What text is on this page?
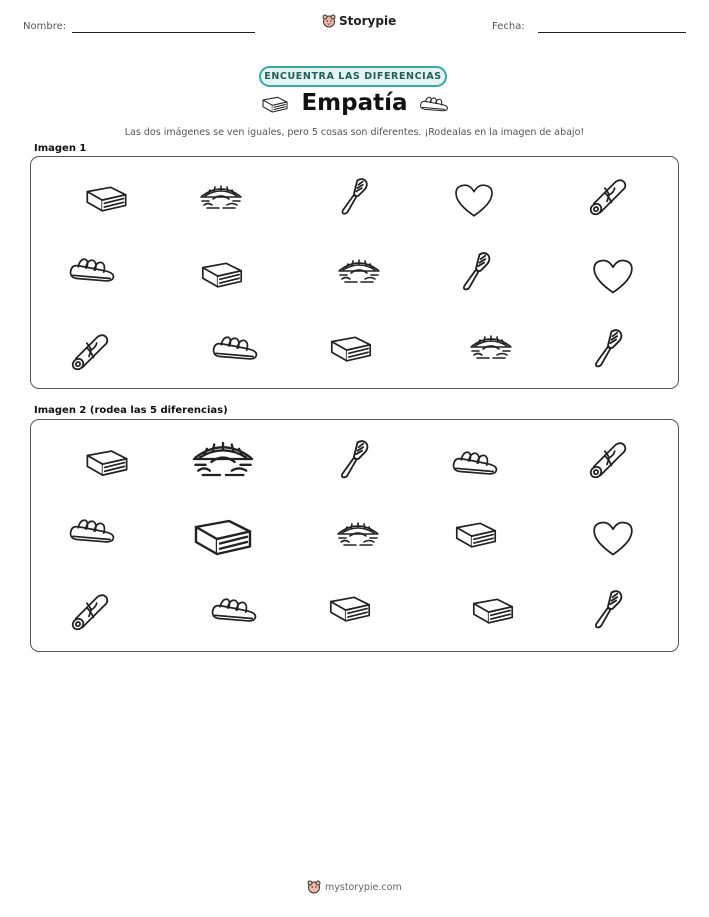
Nombre:	Storypie	Fecha:
ENCUENTRA LAS DIFERENCIAS
Empatía
Las dos imágenes se ven iguales, pero 5 cosas son diferentes. ¡Rodealas en la imagen de abajo!
Imagen 1
Imagen 2 (rodea las 5 diferencias)
mystorypie.com
